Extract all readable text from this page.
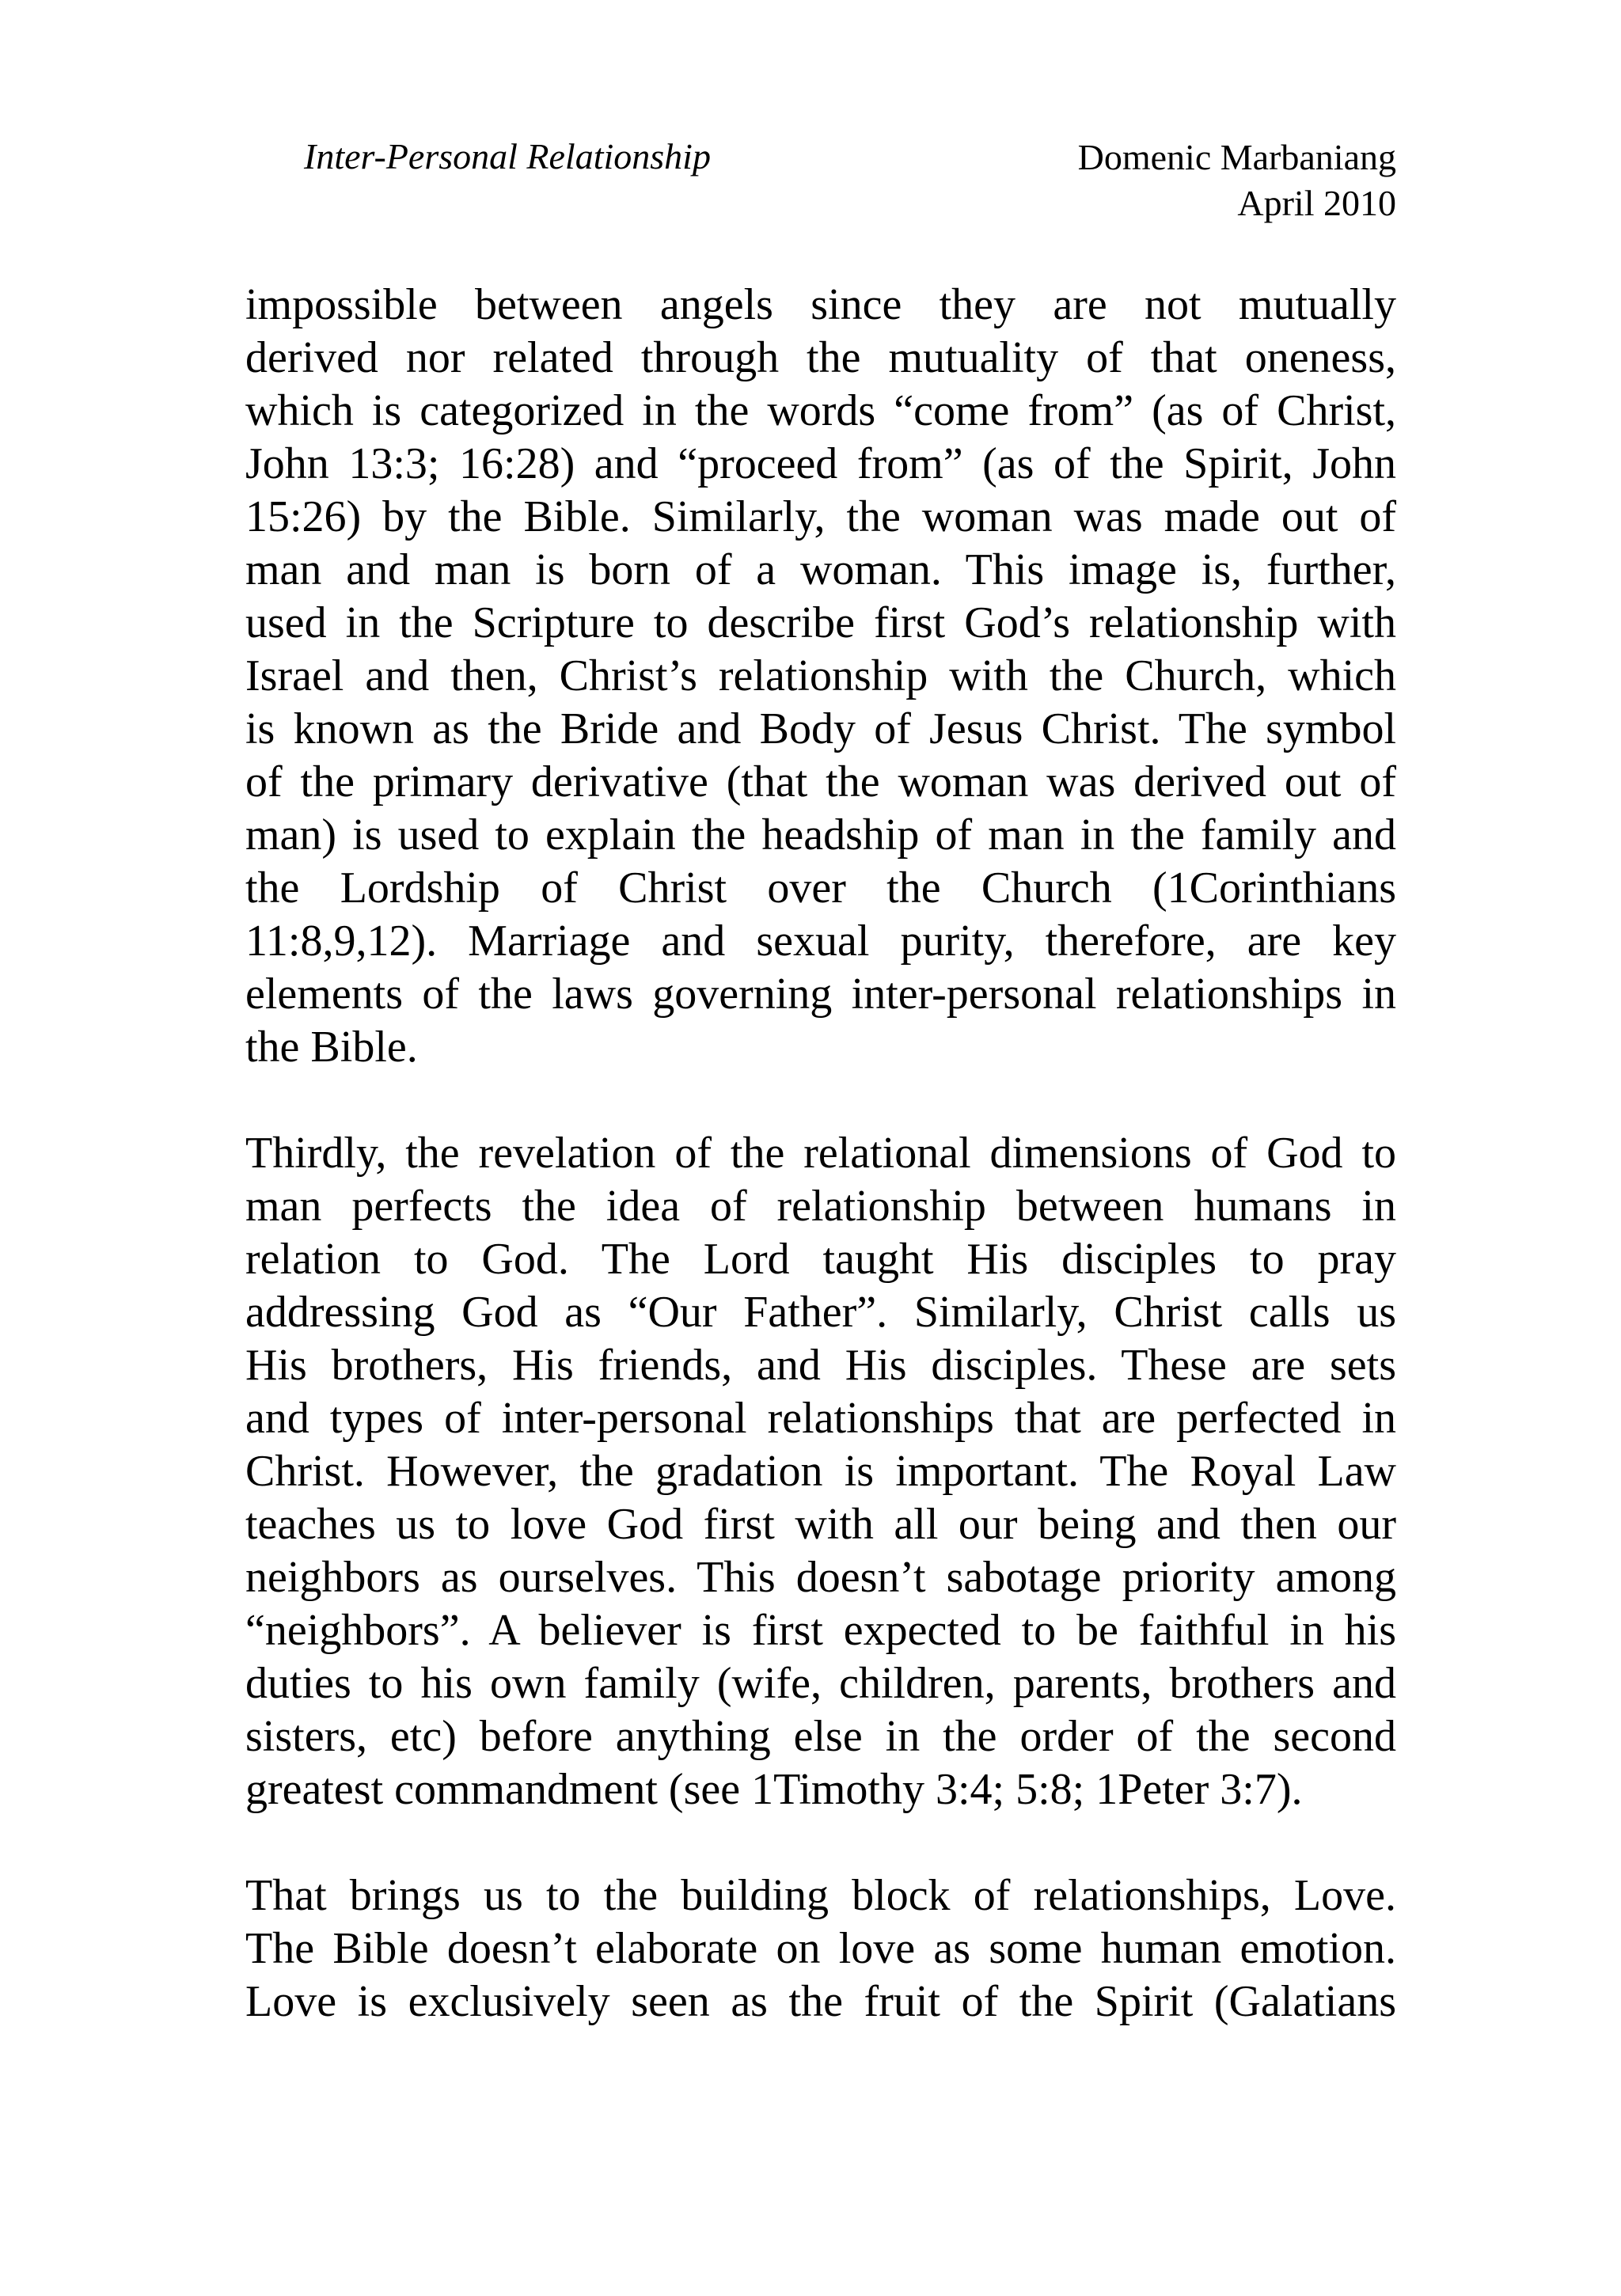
Inter-Personal Relationship	Domenic Marbaniang
April 2010
impossible between angels since they are not mutually
derived nor related through the mutuality of that oneness,
which is categorized in the words “come from” (as of Christ,
John 13:3; 16:28) and “proceed from” (as of the Spirit, John
15:26) by the Bible. Similarly, the woman was made out of
man and man is born of a woman. This image is, further,
used in the Scripture to describe first God’s relationship with
Israel and then, Christ’s relationship with the Church, which
is known as the Bride and Body of Jesus Christ. The symbol
of the primary derivative (that the woman was derived out of
man) is used to explain the headship of man in the family and
the Lordship of Christ over the Church (1Corinthians
11:8,9,12). Marriage and sexual purity, therefore, are key
elements of the laws governing inter-personal relationships in
the Bible.
Thirdly, the revelation of the relational dimensions of God to
man perfects the idea of relationship between humans in
relation to God. The Lord taught His disciples to pray
addressing God as “Our Father”. Similarly, Christ calls us
His brothers, His friends, and His disciples. These are sets
and types of inter-personal relationships that are perfected in
Christ. However, the gradation is important. The Royal Law
teaches us to love God first with all our being and then our
neighbors as ourselves. This doesn’t sabotage priority among
“neighbors”. A believer is first expected to be faithful in his
duties to his own family (wife, children, parents, brothers and
sisters, etc) before anything else in the order of the second
greatest commandment (see 1Timothy 3:4; 5:8; 1Peter 3:7).
That brings us to the building block of relationships, Love.
The Bible doesn’t elaborate on love as some human emotion.
Love is exclusively seen as the fruit of the Spirit (Galatians
